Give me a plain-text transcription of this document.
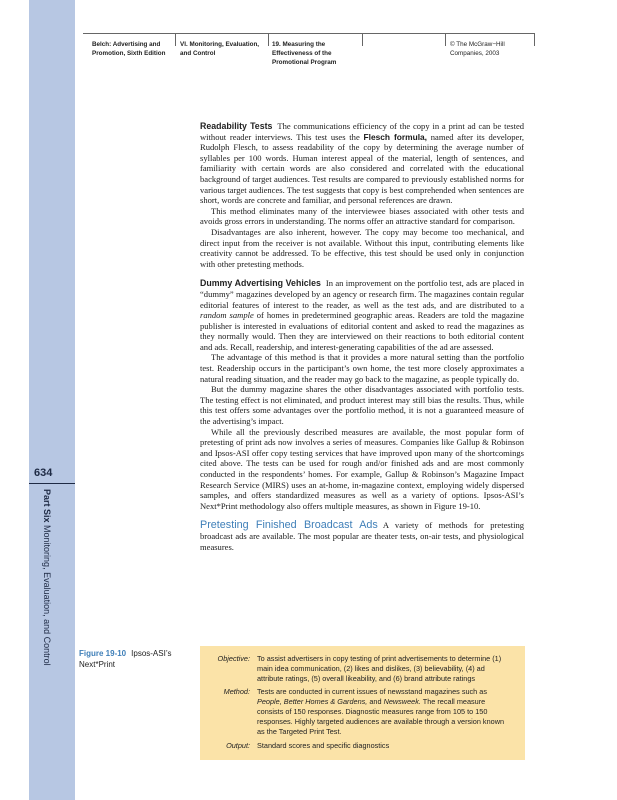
Belch: Advertising and
Promotion, Sixth Edition
VI. Monitoring, Evaluation,
and Control
19. Measuring the
Effectiveness of the
Promotional Program
© The McGraw−Hill
Companies, 2003
634
Part Six Monitoring, Evaluation, and Control

Readability Tests The communications efficiency of the copy in a print ad can be tested without reader interviews. This test uses the Flesch formula, named after its developer, Rudolph Flesch, to assess readability of the copy by determining the average number of syllables per 100 words. Human interest appeal of the material, length of sentences, and familiarity with certain words are also considered and correlated with the educational background of target audiences. Test results are compared to previously established norms for various target audiences. The test suggests that copy is best comprehended when sentences are short, words are concrete and familiar, and personal references are drawn.

This method eliminates many of the interviewee biases associated with other tests and avoids gross errors in understanding. The norms offer an attractive standard for comparison.

Disadvantages are also inherent, however. The copy may become too mechanical, and direct input from the receiver is not available. Without this input, contributing elements like creativity cannot be addressed. To be effective, this test should be used only in conjunction with other pretesting methods.

Dummy Advertising Vehicles In an improvement on the portfolio test, ads are placed in “dummy” magazines developed by an agency or research firm. The magazines contain regular editorial features of interest to the reader, as well as the test ads, and are distributed to a random sample of homes in predetermined geographic areas. Readers are told the magazine publisher is interested in evaluations of editorial content and asked to read the magazines as they normally would. Then they are interviewed on their reactions to both editorial content and ads. Recall, readership, and interest-generating capabilities of the ad are assessed.

The advantage of this method is that it provides a more natural setting than the portfolio test. Readership occurs in the participant’s own home, the test more closely approximates a natural reading situation, and the reader may go back to the magazine, as people typically do.

But the dummy magazine shares the other disadvantages associated with portfolio tests. The testing effect is not eliminated, and product interest may still bias the results. Thus, while this test offers some advantages over the portfolio method, it is not a guaranteed measure of the advertising’s impact.

While all the previously described measures are available, the most popular form of pretesting of print ads now involves a series of measures. Companies like Gallup & Robinson and Ipsos-ASI offer copy testing services that have improved upon many of the shortcomings cited above. The tests can be used for rough and/or finished ads and are most commonly conducted in the respondents’ homes. For example, Gallup & Robinson’s Magazine Impact Research Service (MIRS) uses an at-home, in-magazine context, employing widely dispersed samples, and offers standardized measures as well as a variety of options. Ipsos-ASI’s Next*Print methodology also offers multiple measures, as shown in Figure 19-10.

Pretesting Finished Broadcast Ads A variety of methods for pretesting broadcast ads are available. The most popular are theater tests, on-air tests, and physiological measures.

Figure 19-10 Ipsos-ASI’s Next*Print
Objective: To assist advertisers in copy testing of print advertisements to determine (1) main idea communication, (2) likes and dislikes, (3) believability, (4) ad attribute ratings, (5) overall likeability, and (6) brand attribute ratings
Method: Tests are conducted in current issues of newsstand magazines such as People, Better Homes & Gardens, and Newsweek. The recall measure consists of 150 responses. Diagnostic measures range from 105 to 150 responses. Highly targeted audiences are available through a version known as the Targeted Print Test.
Output: Standard scores and specific diagnostics
